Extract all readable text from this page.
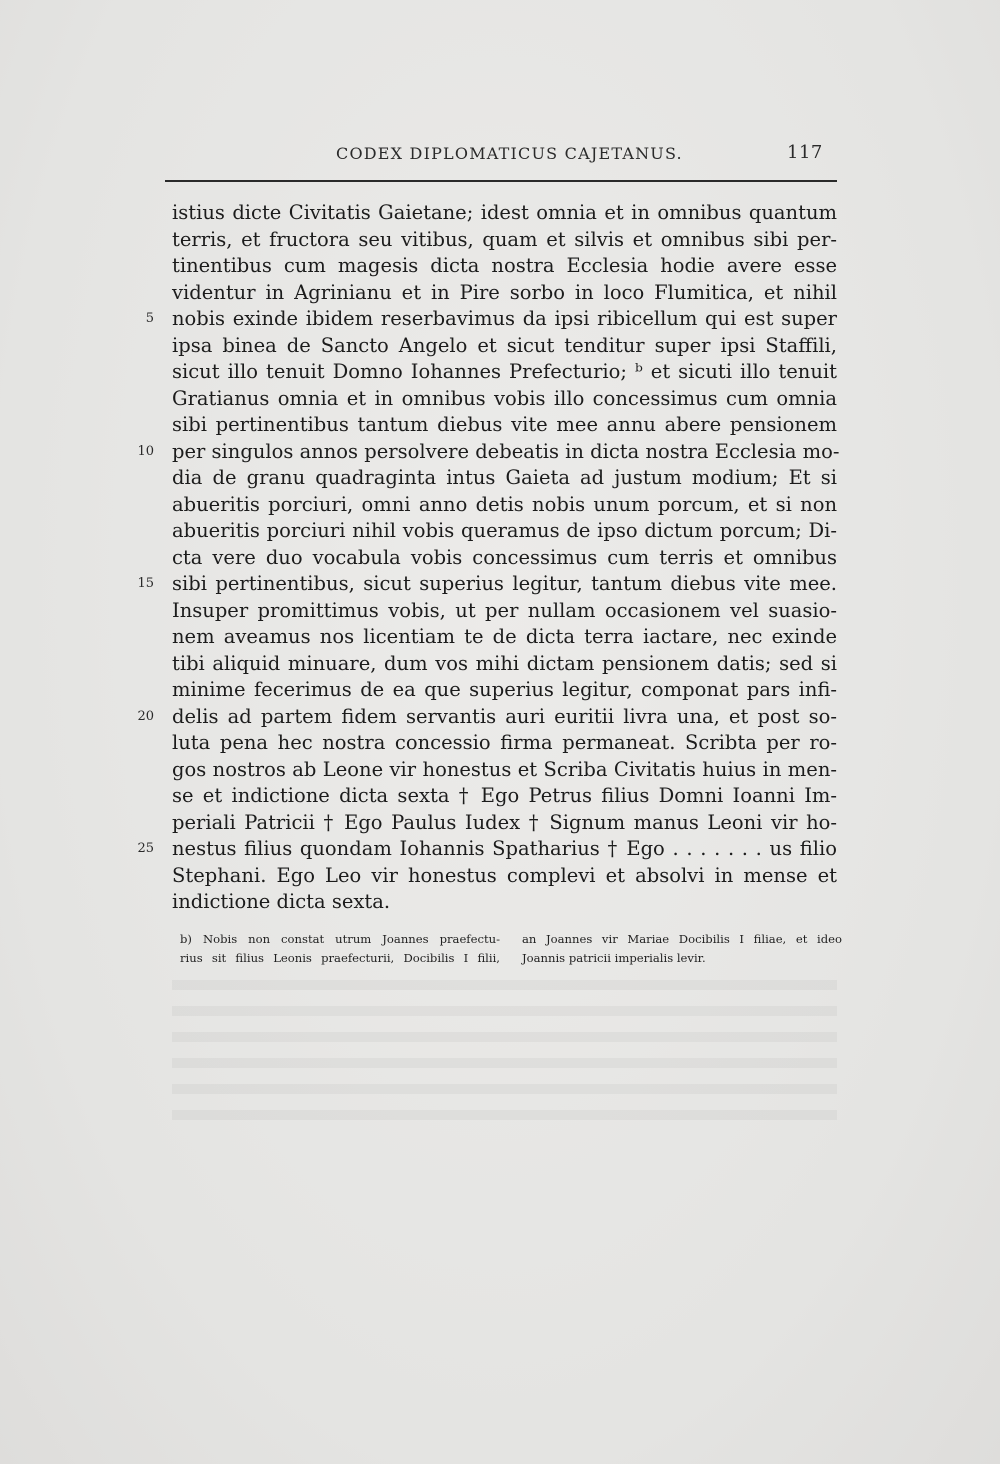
CODEX DIPLOMATICUS CAJETANUS.	117
istius dicte Civitatis Gaietane; idest omnia et in omnibus quantum
terris, et fructora seu vitibus, quam et silvis et omnibus sibi per-
tinentibus cum magesis dicta nostra Ecclesia hodie avere esse
videntur in Agrinianu et in Pire sorbo in loco Flumitica, et nihil
nobis exinde ibidem reserbavimus da ipsi ribicellum qui est super
5
ipsa binea de Sancto Angelo et sicut tenditur super ipsi Staffili,
sicut illo tenuit Domno Iohannes Prefecturio; ᵇ et sicuti illo tenuit
Gratianus omnia et in omnibus vobis illo concessimus cum omnia
sibi pertinentibus tantum diebus vite mee annu abere pensionem
per singulos annos persolvere debeatis in dicta nostra Ecclesia mo-
10
dia de granu quadraginta intus Gaieta ad justum modium; Et si
abueritis porciuri, omni anno detis nobis unum porcum, et si non
abueritis porciuri nihil vobis queramus de ipso dictum porcum; Di-
cta vere duo vocabula vobis concessimus cum terris et omnibus
sibi pertinentibus, sicut superius legitur, tantum diebus vite mee.
15
Insuper promittimus vobis, ut per nullam occasionem vel suasio-
nem aveamus nos licentiam te de dicta terra iactare, nec exinde
tibi aliquid minuare, dum vos mihi dictam pensionem datis; sed si
minime fecerimus de ea que superius legitur, componat pars infi-
delis ad partem fidem servantis auri euritii livra una, et post so-
20
luta pena hec nostra concessio firma permaneat. Scribta per ro-
gos nostros ab Leone vir honestus et Scriba Civitatis huius in men-
se et indictione dicta sexta † Ego Petrus filius Domni Ioanni Im-
periali Patricii † Ego Paulus Iudex † Signum manus Leoni vir ho-
nestus filius quondam Iohannis Spatharius † Ego . . . . . . . us filio
25
Stephani. Ego Leo vir honestus complevi et absolvi in mense et
indictione dicta sexta.
b) Nobis non constat utrum Joannes praefectu-
rius sit filius Leonis praefecturii, Docibilis I filii,
an Joannes vir Mariae Docibilis I filiae, et ideo
Joannis patricii imperialis levir.
